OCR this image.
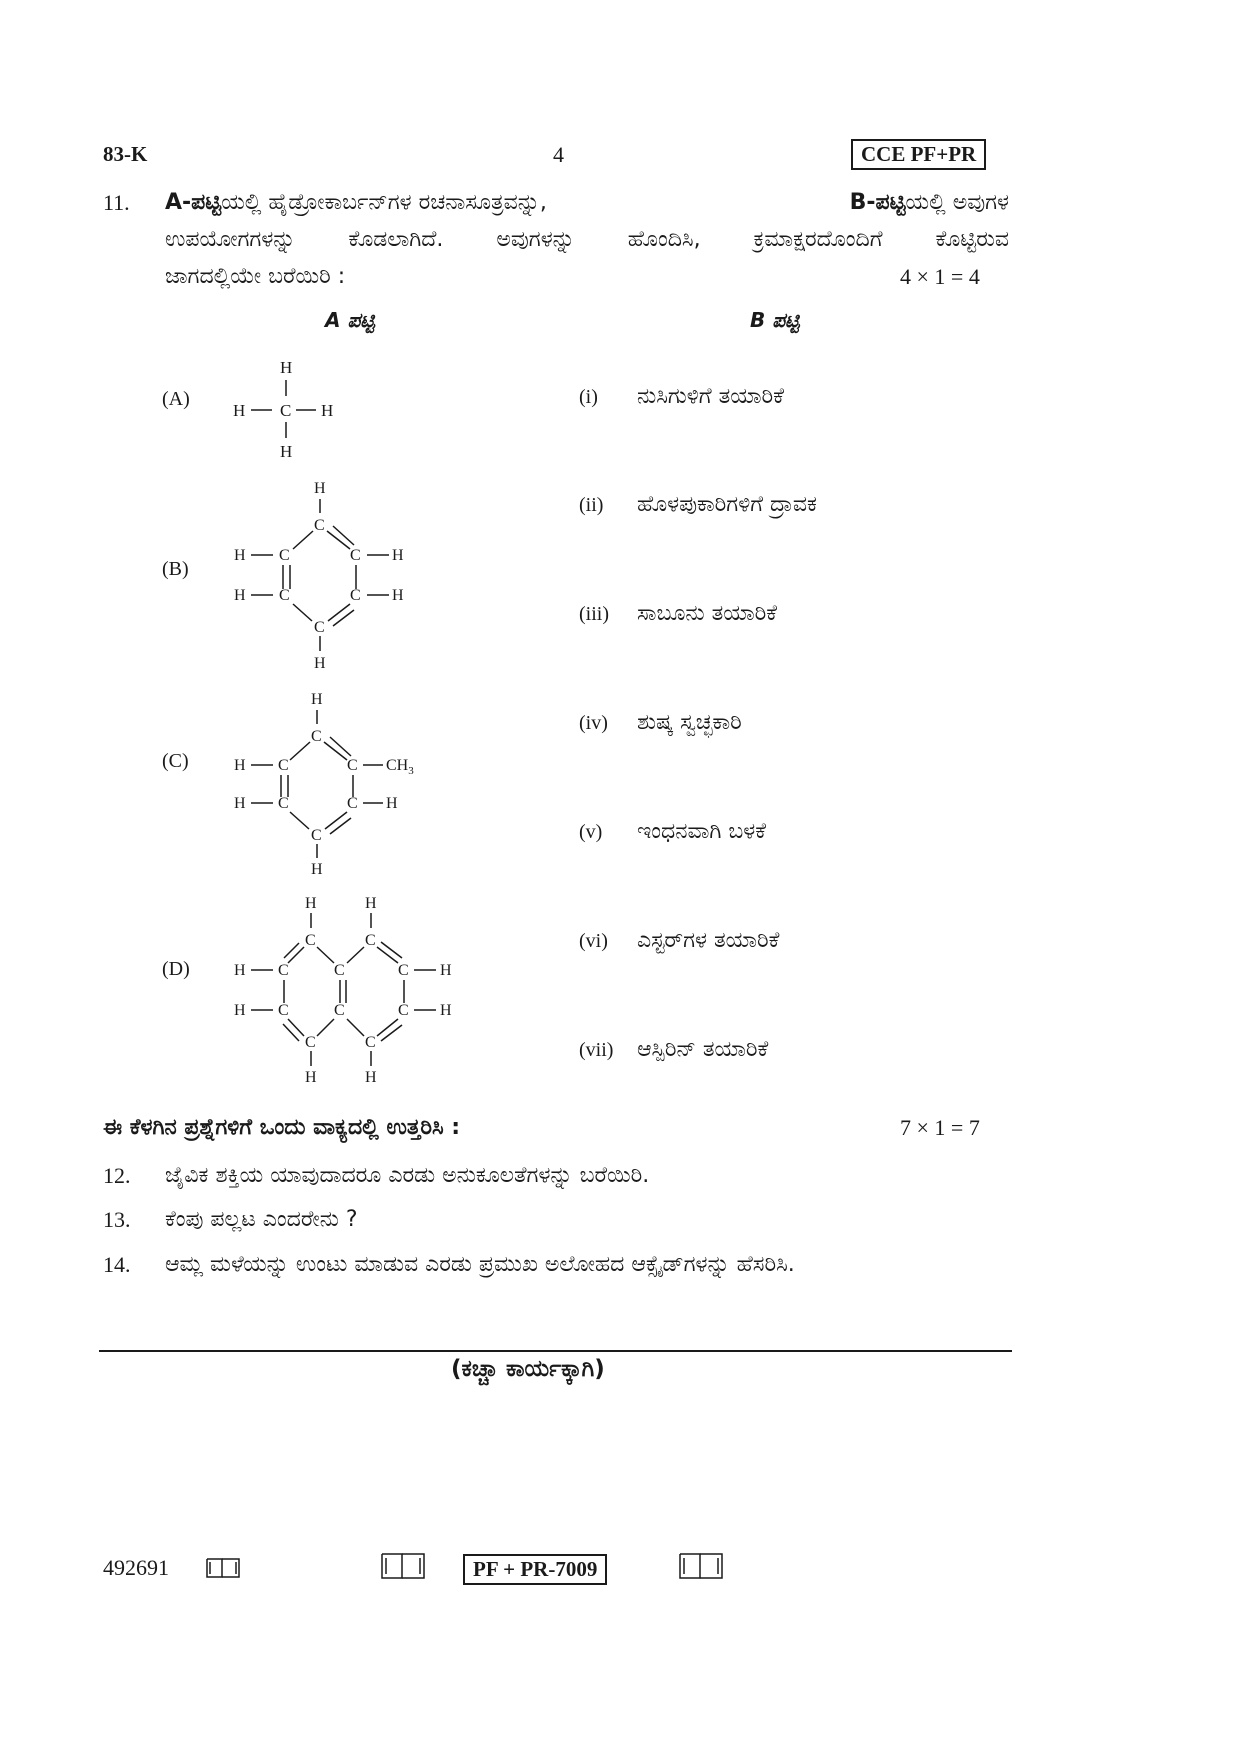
83-K	4	CCE PF+PR
11. A-ಪಟ್ಟಿಯಲ್ಲಿ ಹೈಡ್ರೋಕಾರ್ಬನ್‌ಗಳ ರಚನಾಸೂತ್ರವನ್ನು,	B-ಪಟ್ಟಿಯಲ್ಲಿ ಅವುಗಳ
ಉಪಯೋಗಗಳನ್ನು ಕೊಡಲಾಗಿದೆ. ಅವುಗಳನ್ನು ಹೊಂದಿಸಿ, ಕ್ರಮಾಕ್ಷರದೊಂದಿಗೆ ಕೊಟ್ಟಿರುವ
ಜಾಗದಲ್ಲಿಯೇ ಬರೆಯಿರಿ :	4 × 1 = 4
A ಪಟ್ಟಿ	B ಪಟ್ಟಿ
(A)
(B)
(C)
(D)
H
H C H
H
H
C
H C	C H
H C	C H
C
H
H
C
H C	C $CH_3$
H C	C H
C
H
H	H
C	C
H C	C	C H
H C	C	C H
C	C
H	H
(i) ನುಸಿಗುಳಿಗೆ ತಯಾರಿಕೆ
(ii) ಹೊಳಪುಕಾರಿಗಳಿಗೆ ದ್ರಾವಕ
(iii) ಸಾಬೂನು ತಯಾರಿಕೆ
(iv) ಶುಷ್ಕ ಸ್ವಚ್ಛಕಾರಿ
(v) ಇಂಧನವಾಗಿ ಬಳಕೆ
(vi) ಎಸ್ಟರ್‌ಗಳ ತಯಾರಿಕೆ
(vii) ಆಸ್ಪಿರಿನ್ ತಯಾರಿಕೆ
ಈ ಕೆಳಗಿನ ಪ್ರಶ್ನೆಗಳಿಗೆ ಒಂದು ವಾಕ್ಯದಲ್ಲಿ ಉತ್ತರಿಸಿ :	7 × 1 = 7
12. ಜೈವಿಕ ಶಕ್ತಿಯ ಯಾವುದಾದರೂ ಎರಡು ಅನುಕೂಲತೆಗಳನ್ನು ಬರೆಯಿರಿ.
13. ಕೆಂಪು ಪಲ್ಲಟ ಎಂದರೇನು ?
14. ಆಮ್ಲ ಮಳೆಯನ್ನು ಉಂಟು ಮಾಡುವ ಎರಡು ಪ್ರಮುಖ ಅಲೋಹದ ಆಕ್ಸೈಡ್‌ಗಳನ್ನು ಹೆಸರಿಸಿ.
(ಕಚ್ಚಾ ಕಾರ್ಯಕ್ಕಾಗಿ)
492691	PF + PR-7009
